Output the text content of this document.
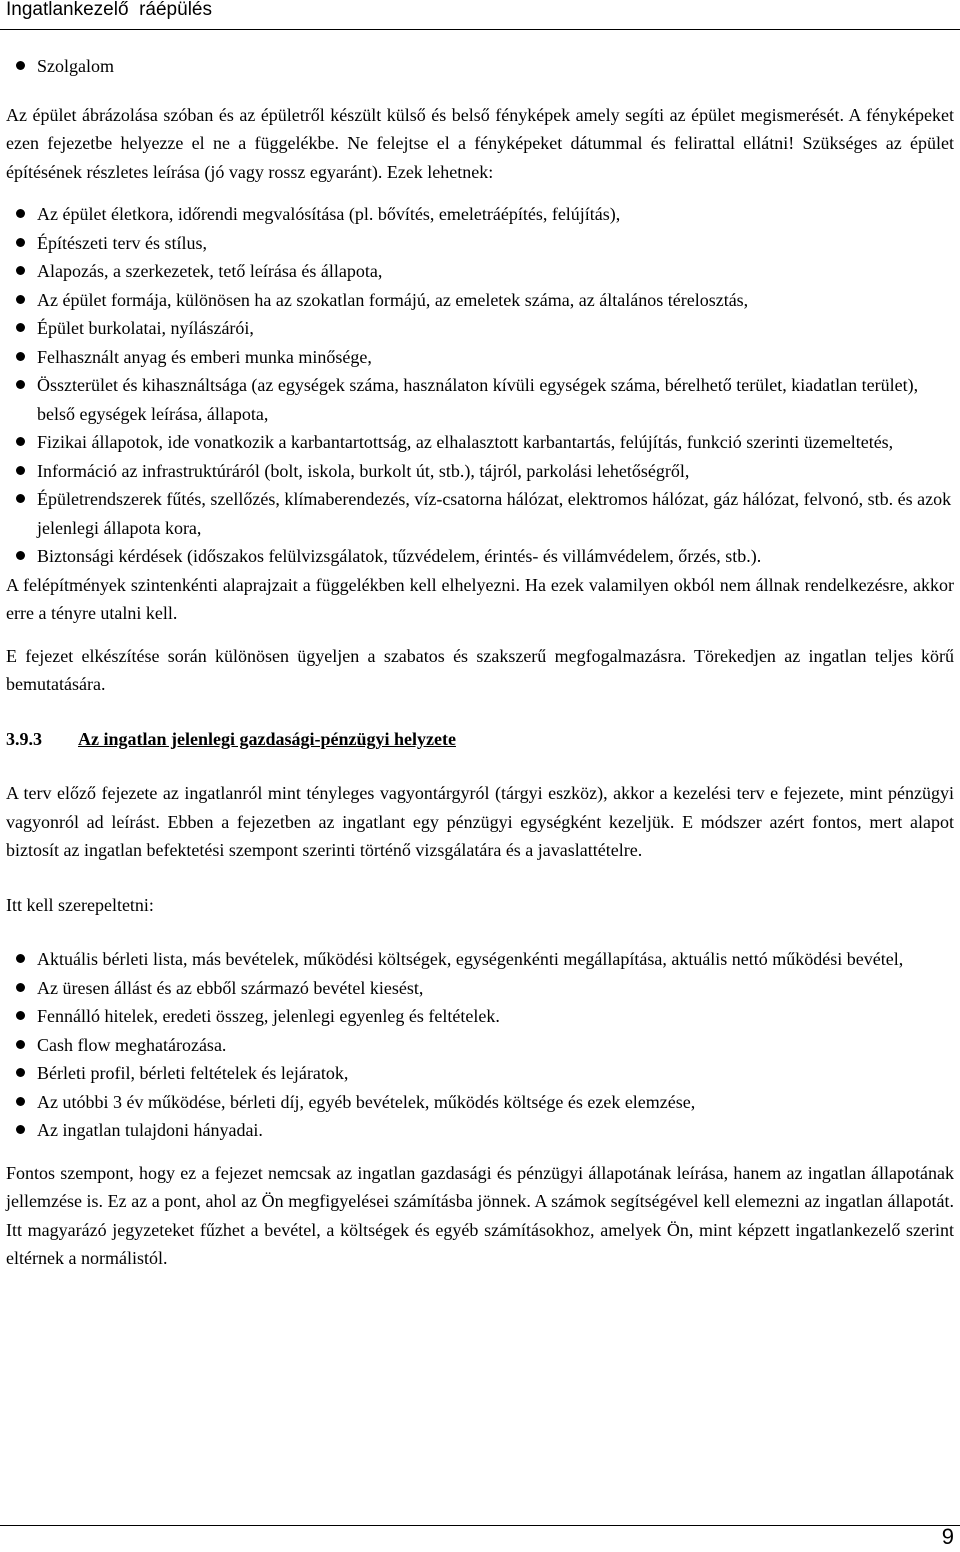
Ingatlankezelő  ráépülés
Szolgalom

Az épület ábrázolása szóban és az épületről készült külső és belső fényképek amely segíti az épület megismerését. A fényképeket ezen fejezetbe helyezze el ne a függelékbe. Ne felejtse el a fényképeket dátummal és felirattal ellátni! Szükséges az épület építésének részletes leírása (jó vagy rossz egyaránt). Ezek lehetnek:

Az épület életkora, időrendi megvalósítása (pl. bővítés, emeletráépítés, felújítás),
Építészeti terv és stílus,
Alapozás, a szerkezetek, tető leírása és állapota,
Az épület formája, különösen ha az szokatlan formájú, az emeletek száma, az általános térelosztás,
Épület burkolatai, nyílászárói,
Felhasznált anyag és emberi munka minősége,
Összterület és kihasználtsága (az egységek száma, használaton kívüli egységek száma, bérelhető terület, kiadatlan terület), belső egységek leírása, állapota,
Fizikai állapotok, ide vonatkozik a karbantartottság, az elhalasztott karbantartás, felújítás, funkció szerinti üzemeltetés,
Információ az infrastruktúráról (bolt, iskola, burkolt út, stb.), tájról, parkolási lehetőségről,
Épületrendszerek fűtés, szellőzés, klímaberendezés, víz-csatorna hálózat, elektromos hálózat, gáz hálózat, felvonó, stb. és azok jelenlegi állapota kora,
Biztonsági kérdések (időszakos felülvizsgálatok, tűzvédelem, érintés- és villámvédelem, őrzés, stb.).

A felépítmények szintenkénti alaprajzait a függelékben kell elhelyezni. Ha ezek valamilyen okból nem állnak rendelkezésre, akkor erre a tényre utalni kell.

E fejezet elkészítése során különösen ügyeljen a szabatos és szakszerű megfogalmazásra. Törekedjen az ingatlan teljes körű bemutatására.

3.9.3	Az ingatlan jelenlegi gazdasági-pénzügyi helyzete

A terv előző fejezete az ingatlanról mint tényleges vagyontárgyról (tárgyi eszköz), akkor a kezelési terv e fejezete, mint pénzügyi vagyonról ad leírást. Ebben a fejezetben az ingatlant egy pénzügyi egységként kezeljük. E módszer azért fontos, mert alapot biztosít az ingatlan befektetési szempont szerinti történő vizsgálatára és a javaslattételre.

Itt kell szerepeltetni:

Aktuális bérleti lista, más bevételek, működési költségek, egységenkénti megállapítása, aktuális nettó működési bevétel,
Az üresen állást és az ebből származó bevétel kiesést,
Fennálló hitelek, eredeti összeg, jelenlegi egyenleg és feltételek.
Cash flow meghatározása.
Bérleti profil, bérleti feltételek és lejáratok,
Az utóbbi 3 év működése, bérleti díj, egyéb bevételek, működés költsége és ezek elemzése,
Az ingatlan tulajdoni hányadai.

Fontos szempont, hogy ez a fejezet nemcsak az ingatlan gazdasági és pénzügyi állapotának leírása, hanem az ingatlan állapotának jellemzése is. Ez az a pont, ahol az Ön megfigyelései számításba jönnek. A számok segítségével kell elemezni az ingatlan állapotát. Itt magyarázó jegyzeteket fűzhet a bevétel, a költségek és egyéb számításokhoz, amelyek Ön, mint képzett ingatlankezelő szerint eltérnek a normálistól.

9
